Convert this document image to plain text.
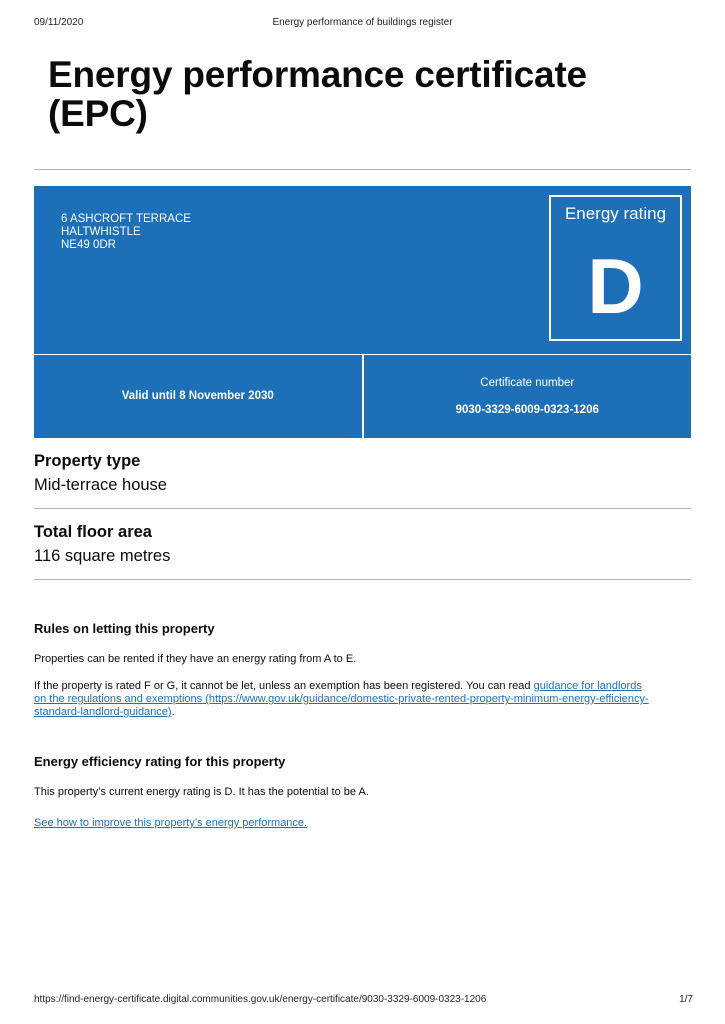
09/11/2020	Energy performance of buildings register
Energy performance certificate (EPC)
6 ASHCROFT TERRACE
HALTWHISTLE
NE49 0DR
Energy rating
D
Valid until 8 November 2030
Certificate number
9030-3329-6009-0323-1206
Property type
Mid-terrace house
Total floor area
116 square metres
Rules on letting this property
Properties can be rented if they have an energy rating from A to E.
If the property is rated F or G, it cannot be let, unless an exemption has been registered. You can read guidance for landlords
on the regulations and exemptions (https://www.gov.uk/guidance/domestic-private-rented-property-minimum-energy-efficiency-
standard-landlord-guidance).
Energy efficiency rating for this property
This property’s current energy rating is D. It has the potential to be A.
See how to improve this property’s energy performance.
https://find-energy-certificate.digital.communities.gov.uk/energy-certificate/9030-3329-6009-0323-1206	1/7
